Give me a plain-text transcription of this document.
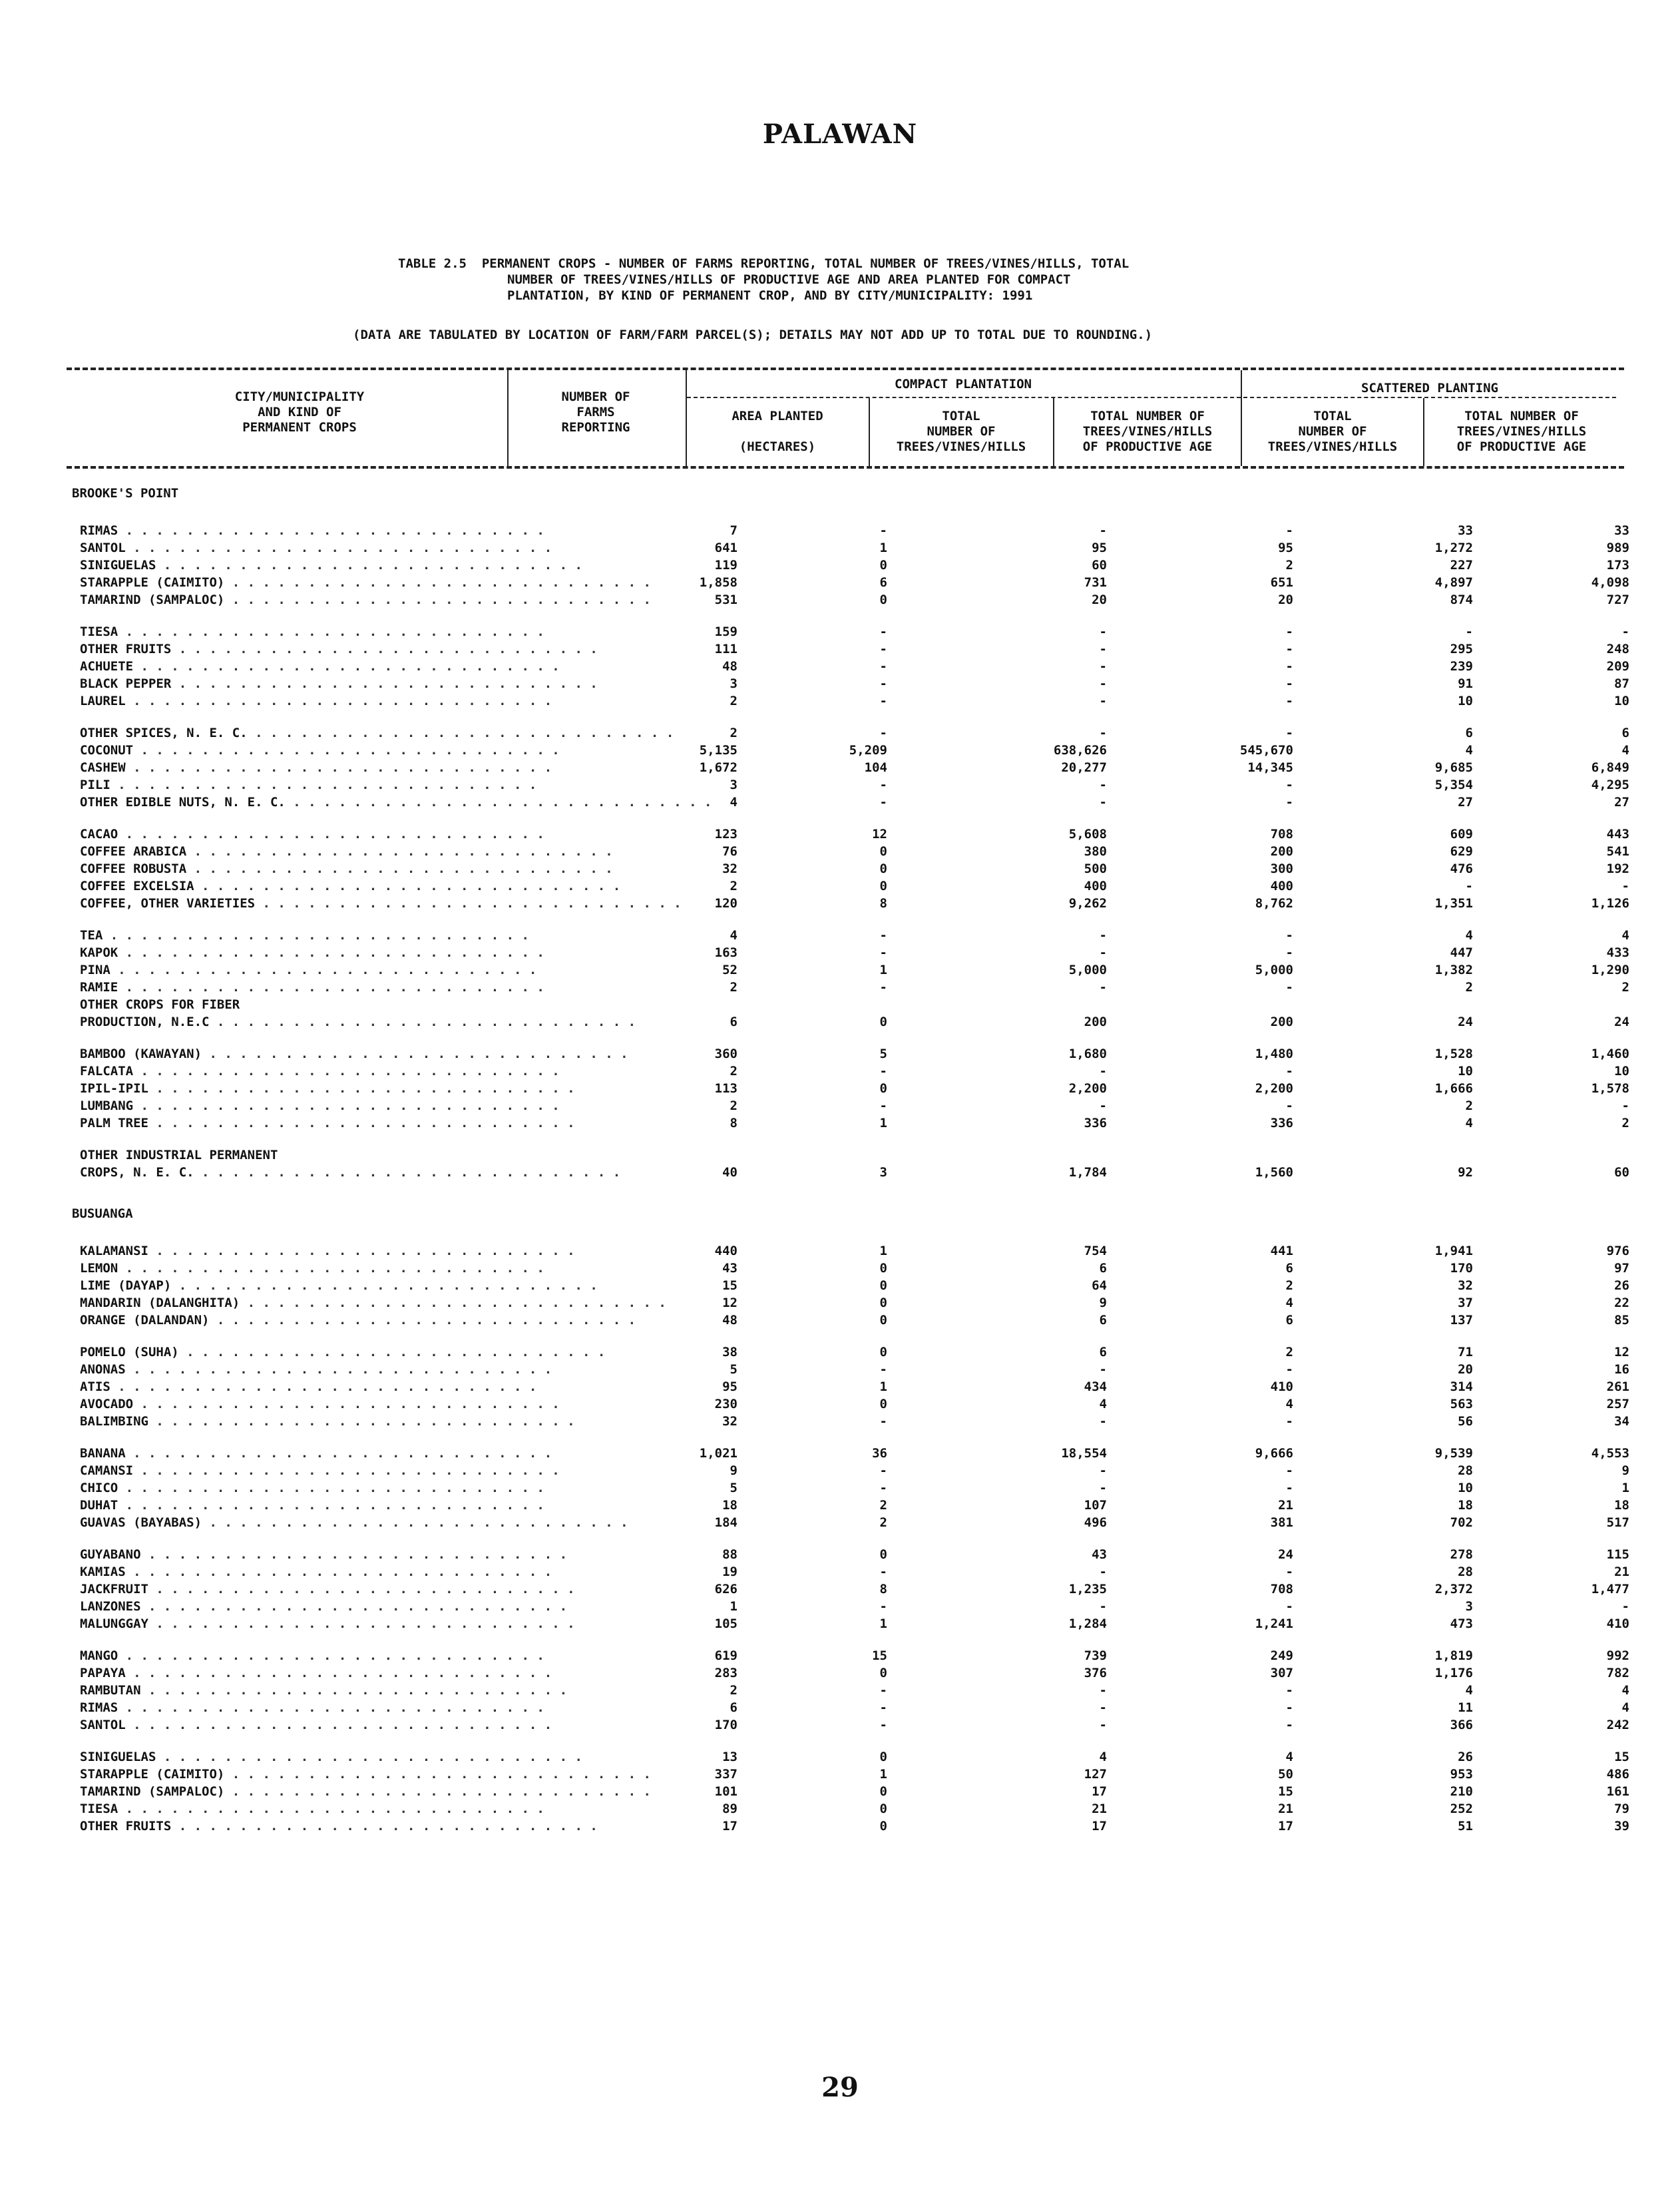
PALAWAN
TABLE 2.5  PERMANENT CROPS - NUMBER OF FARMS REPORTING, TOTAL NUMBER OF TREES/VINES/HILLS, TOTAL
NUMBER OF TREES/VINES/HILLS OF PRODUCTIVE AGE AND AREA PLANTED FOR COMPACT
PLANTATION, BY KIND OF PERMANENT CROP, AND BY CITY/MUNICIPALITY: 1991
(DATA ARE TABULATED BY LOCATION OF FARM/FARM PARCEL(S); DETAILS MAY NOT ADD UP TO TOTAL DUE TO ROUNDING.)
CITY/MUNICIPALITY
AND KIND OF
PERMANENT CROPS
NUMBER OF
FARMS
REPORTING
COMPACT PLANTATION	SCATTERED PLANTING
AREA PLANTED
(HECTARES)
TOTAL
NUMBER OF
TREES/VINES/HILLS
TOTAL NUMBER OF
TREES/VINES/HILLS
OF PRODUCTIVE AGE
TOTAL
NUMBER OF
TREES/VINES/HILLS
TOTAL NUMBER OF
TREES/VINES/HILLS
OF PRODUCTIVE AGE
BROOKE'S POINT
RIMAS . . . . . . . . . . . . . . . . . . . . . . . . . . . .	7	-	-	-	33	33
SANTOL . . . . . . . . . . . . . . . . . . . . . . . . . . . .	641	1	95	95	1,272	989
SINIGUELAS . . . . . . . . . . . . . . . . . . . . . . . . . . . .	119	0	60	2	227	173
STARAPPLE (CAIMITO) . . . . . . . . . . . . . . . . . . . . . . . . . . . .	1,858	6	731	651	4,897	4,098
TAMARIND (SAMPALOC) . . . . . . . . . . . . . . . . . . . . . . . . . . . .	531	0	20	20	874	727
TIESA . . . . . . . . . . . . . . . . . . . . . . . . . . . .	159	-	-	-	-	-
OTHER FRUITS . . . . . . . . . . . . . . . . . . . . . . . . . . . .	111	-	-	-	295	248
ACHUETE . . . . . . . . . . . . . . . . . . . . . . . . . . . .	48	-	-	-	239	209
BLACK PEPPER . . . . . . . . . . . . . . . . . . . . . . . . . . . .	3	-	-	-	91	87
LAUREL . . . . . . . . . . . . . . . . . . . . . . . . . . . .	2	-	-	-	10	10
OTHER SPICES, N. E. C. . . . . . . . . . . . . . . . . . . . . . . . . . . . .	2	-	-	-	6	6
COCONUT . . . . . . . . . . . . . . . . . . . . . . . . . . . .	5,135	5,209	638,626	545,670	4	4
CASHEW . . . . . . . . . . . . . . . . . . . . . . . . . . . .	1,672	104	20,277	14,345	9,685	6,849
PILI . . . . . . . . . . . . . . . . . . . . . . . . . . . .	3	-	-	-	5,354	4,295
OTHER EDIBLE NUTS, N. E. C. . . . . . . . . . . . . . . . . . . . . . . . . . . . . 4	-	-	-	27	27
CACAO . . . . . . . . . . . . . . . . . . . . . . . . . . . .	123	12	5,608	708	609	443
COFFEE ARABICA . . . . . . . . . . . . . . . . . . . . . . . . . . . .	76	0	380	200	629	541
COFFEE ROBUSTA . . . . . . . . . . . . . . . . . . . . . . . . . . . .	32	0	500	300	476	192
COFFEE EXCELSIA . . . . . . . . . . . . . . . . . . . . . . . . . . . .	2	0	400	400	-	-
COFFEE, OTHER VARIETIES . . . . . . . . . . . . . . . . . . . . . . . . . . . .	120	8	9,262	8,762	1,351	1,126
TEA . . . . . . . . . . . . . . . . . . . . . . . . . . . .	4	-	-	-	4	4
KAPOK . . . . . . . . . . . . . . . . . . . . . . . . . . . .	163	-	-	-	447	433
PINA . . . . . . . . . . . . . . . . . . . . . . . . . . . .	52	1	5,000	5,000	1,382	1,290
RAMIE . . . . . . . . . . . . . . . . . . . . . . . . . . . .	2	-	-	-	2	2
OTHER CROPS FOR FIBER
PRODUCTION, N.E.C . . . . . . . . . . . . . . . . . . . . . . . . . . . .	6	0	200	200	24	24
BAMBOO (KAWAYAN) . . . . . . . . . . . . . . . . . . . . . . . . . . . .	360	5	1,680	1,480	1,528	1,460
FALCATA . . . . . . . . . . . . . . . . . . . . . . . . . . . .	2	-	-	-	10	10
IPIL-IPIL . . . . . . . . . . . . . . . . . . . . . . . . . . . .	113	0	2,200	2,200	1,666	1,578
LUMBANG . . . . . . . . . . . . . . . . . . . . . . . . . . . .	2	-	-	-	2	-
PALM TREE . . . . . . . . . . . . . . . . . . . . . . . . . . . .	8	1	336	336	4	2
OTHER INDUSTRIAL PERMANENT
CROPS, N. E. C. . . . . . . . . . . . . . . . . . . . . . . . . . . . .	40	3	1,784	1,560	92	60
BUSUANGA
KALAMANSI . . . . . . . . . . . . . . . . . . . . . . . . . . . .	440	1	754	441	1,941	976
LEMON . . . . . . . . . . . . . . . . . . . . . . . . . . . .	43	0	6	6	170	97
LIME (DAYAP) . . . . . . . . . . . . . . . . . . . . . . . . . . . .	15	0	64	2	32	26
MANDARIN (DALANGHITA) . . . . . . . . . . . . . . . . . . . . . . . . . . . .	12	0	9	4	37	22
ORANGE (DALANDAN) . . . . . . . . . . . . . . . . . . . . . . . . . . . .	48	0	6	6	137	85
POMELO (SUHA) . . . . . . . . . . . . . . . . . . . . . . . . . . . .	38	0	6	2	71	12
ANONAS . . . . . . . . . . . . . . . . . . . . . . . . . . . .	5	-	-	-	20	16
ATIS . . . . . . . . . . . . . . . . . . . . . . . . . . . .	95	1	434	410	314	261
AVOCADO . . . . . . . . . . . . . . . . . . . . . . . . . . . .	230	0	4	4	563	257
BALIMBING . . . . . . . . . . . . . . . . . . . . . . . . . . . .	32	-	-	-	56	34
BANANA . . . . . . . . . . . . . . . . . . . . . . . . . . . .	1,021	36	18,554	9,666	9,539	4,553
CAMANSI . . . . . . . . . . . . . . . . . . . . . . . . . . . .	9	-	-	-	28	9
CHICO . . . . . . . . . . . . . . . . . . . . . . . . . . . .	5	-	-	-	10	1
DUHAT . . . . . . . . . . . . . . . . . . . . . . . . . . . .	18	2	107	21	18	18
GUAVAS (BAYABAS) . . . . . . . . . . . . . . . . . . . . . . . . . . . .	184	2	496	381	702	517
GUYABANO . . . . . . . . . . . . . . . . . . . . . . . . . . . .	88	0	43	24	278	115
KAMIAS . . . . . . . . . . . . . . . . . . . . . . . . . . . .	19	-	-	-	28	21
JACKFRUIT . . . . . . . . . . . . . . . . . . . . . . . . . . . .	626	8	1,235	708	2,372	1,477
LANZONES . . . . . . . . . . . . . . . . . . . . . . . . . . . .	1	-	-	-	3	-
MALUNGGAY . . . . . . . . . . . . . . . . . . . . . . . . . . . .	105	1	1,284	1,241	473	410
MANGO . . . . . . . . . . . . . . . . . . . . . . . . . . . .	619	15	739	249	1,819	992
PAPAYA . . . . . . . . . . . . . . . . . . . . . . . . . . . .	283	0	376	307	1,176	782
RAMBUTAN . . . . . . . . . . . . . . . . . . . . . . . . . . . .	2	-	-	-	4	4
RIMAS . . . . . . . . . . . . . . . . . . . . . . . . . . . .	6	-	-	-	11	4
SANTOL . . . . . . . . . . . . . . . . . . . . . . . . . . . .	170	-	-	-	366	242
SINIGUELAS . . . . . . . . . . . . . . . . . . . . . . . . . . . .	13	0	4	4	26	15
STARAPPLE (CAIMITO) . . . . . . . . . . . . . . . . . . . . . . . . . . . .	337	1	127	50	953	486
TAMARIND (SAMPALOC) . . . . . . . . . . . . . . . . . . . . . . . . . . . .	101	0	17	15	210	161
TIESA . . . . . . . . . . . . . . . . . . . . . . . . . . . .	89	0	21	21	252	79
OTHER FRUITS . . . . . . . . . . . . . . . . . . . . . . . . . . . .	17	0	17	17	51	39
29
